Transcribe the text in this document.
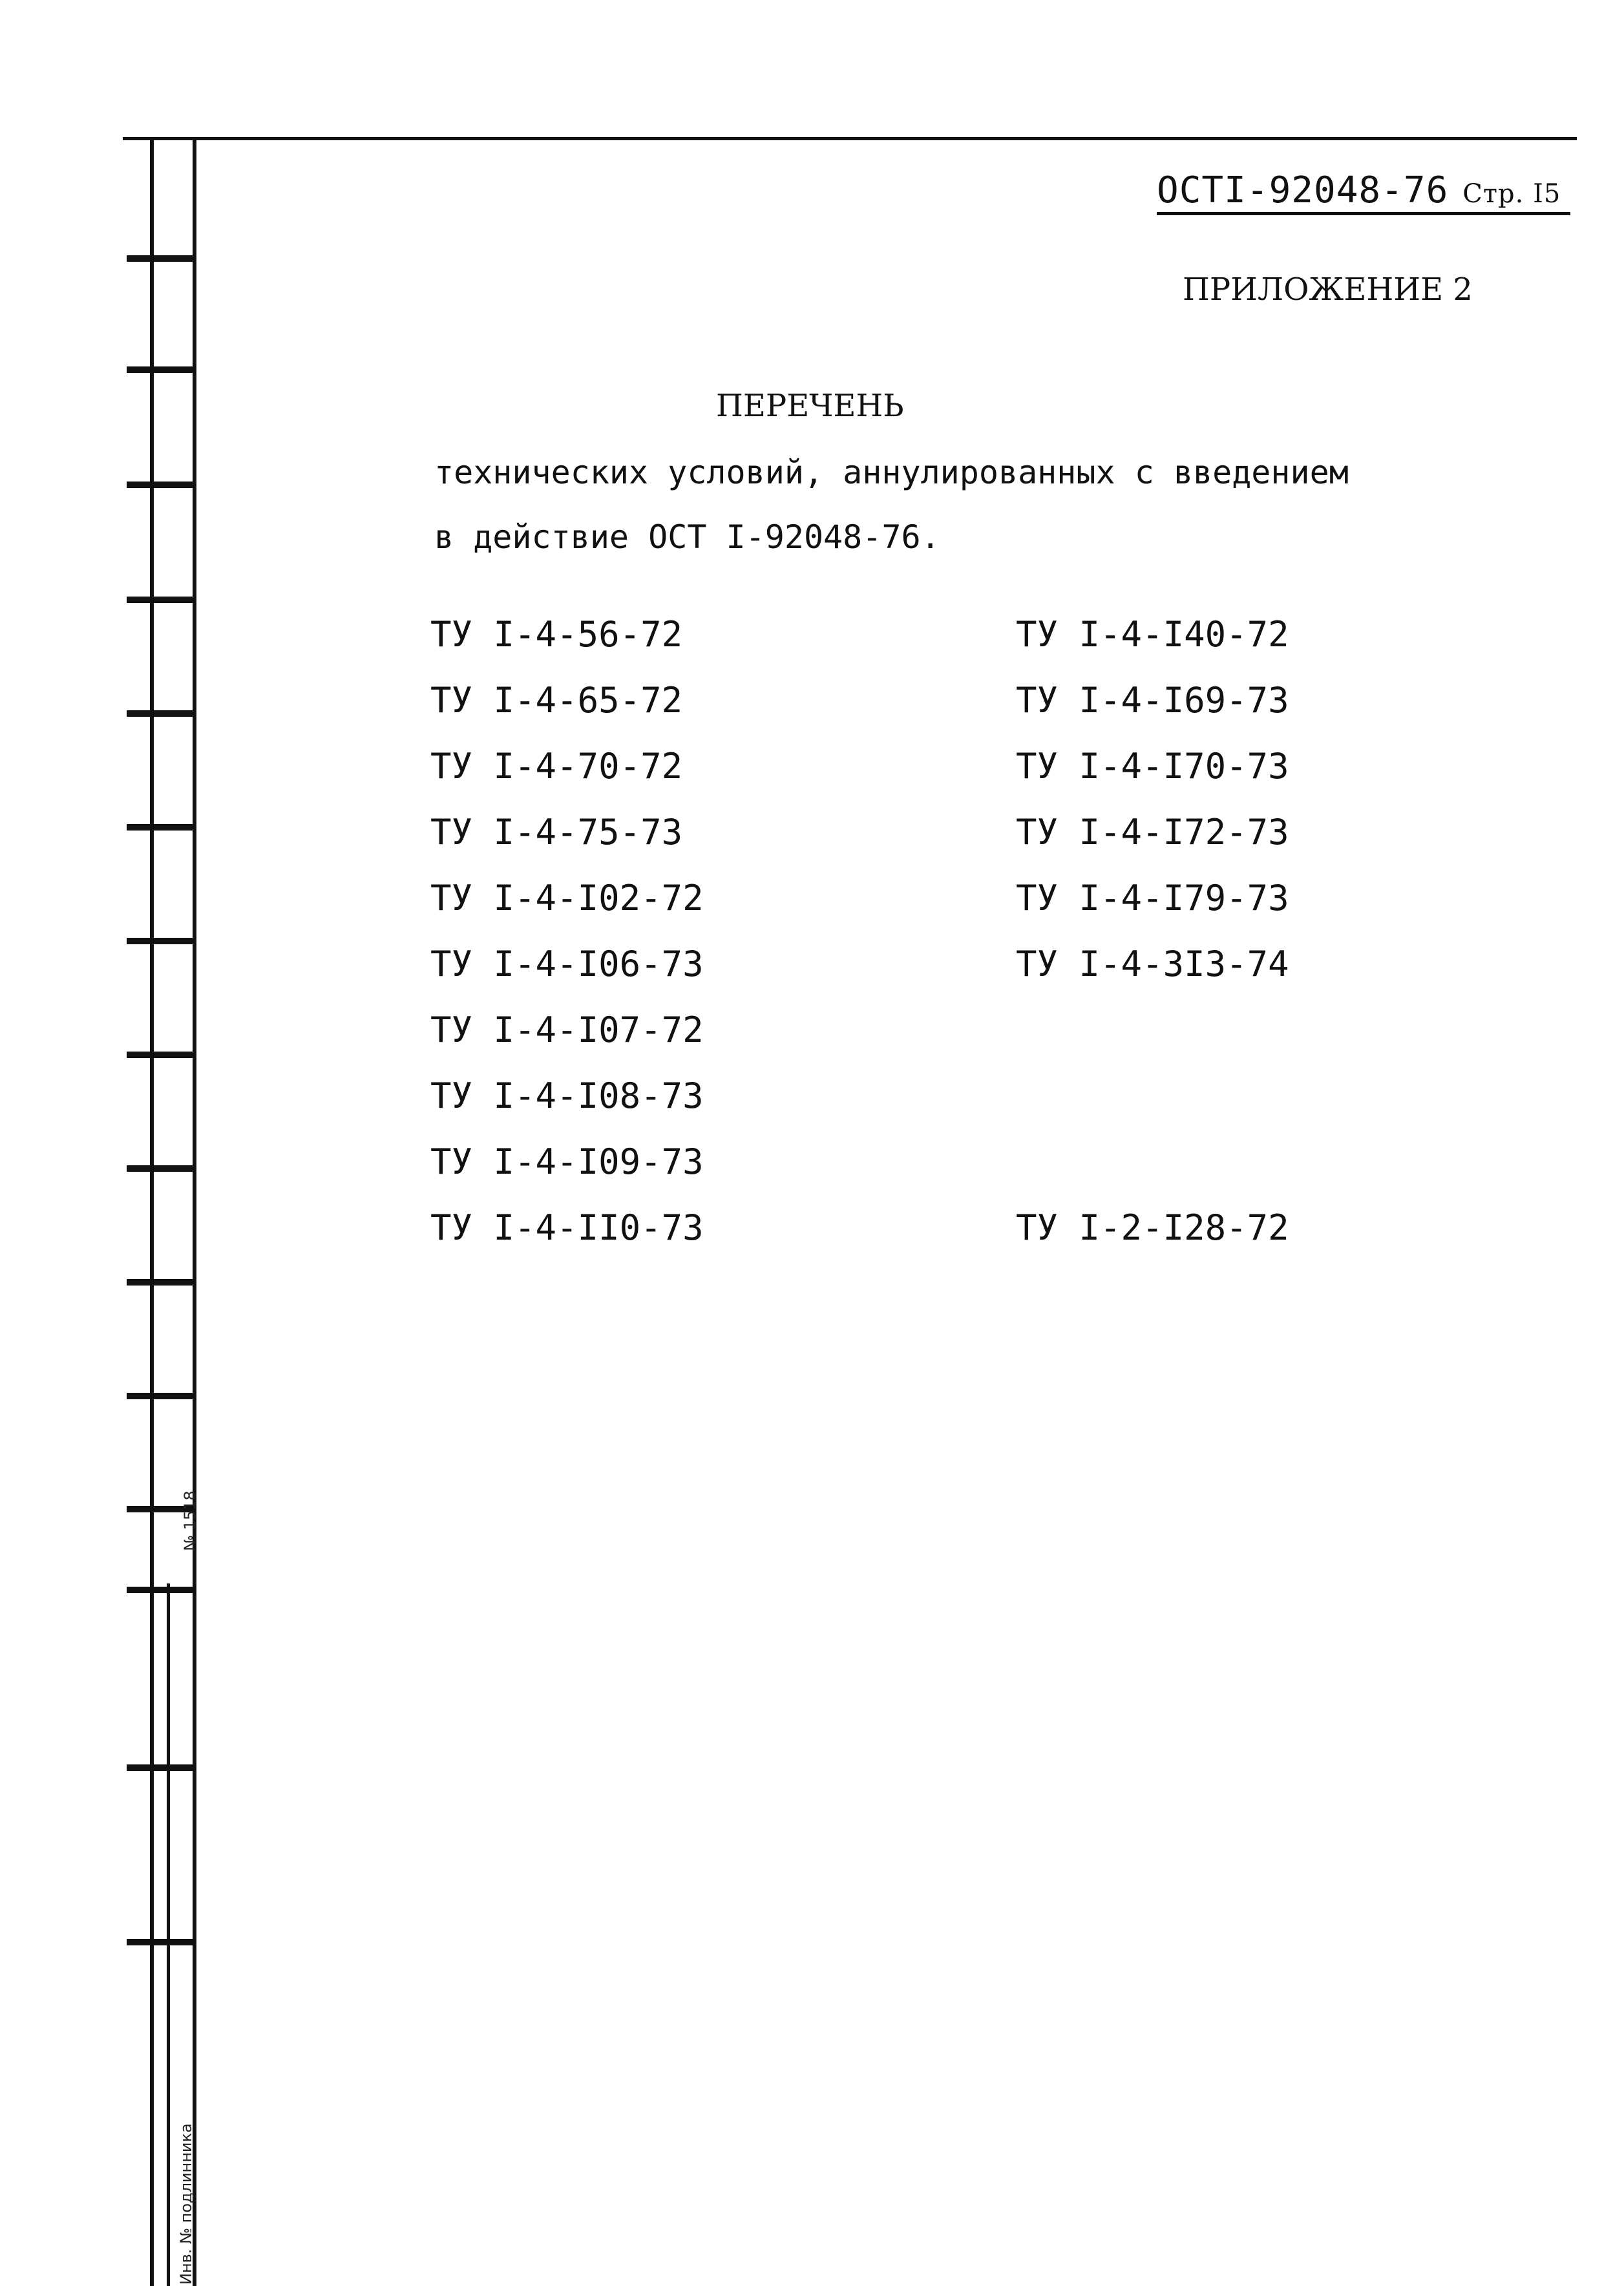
№ 1518
Инв. № подлинника
ОСТI-92048-76 Стр. I5
ПРИЛОЖЕНИЕ 2
ПЕРЕЧЕНЬ
технических условий, аннулированных с введением
в действие ОСТ I-92048-76.
ТУ I-4-56-72
ТУ I-4-65-72
ТУ I-4-70-72
ТУ I-4-75-73
ТУ I-4-I02-72
ТУ I-4-I06-73
ТУ I-4-I07-72
ТУ I-4-I08-73
ТУ I-4-I09-73
ТУ I-4-II0-73
ТУ I-4-I40-72
ТУ I-4-I69-73
ТУ I-4-I70-73
ТУ I-4-I72-73
ТУ I-4-I79-73
ТУ I-4-3I3-74
ТУ I-2-I28-72
